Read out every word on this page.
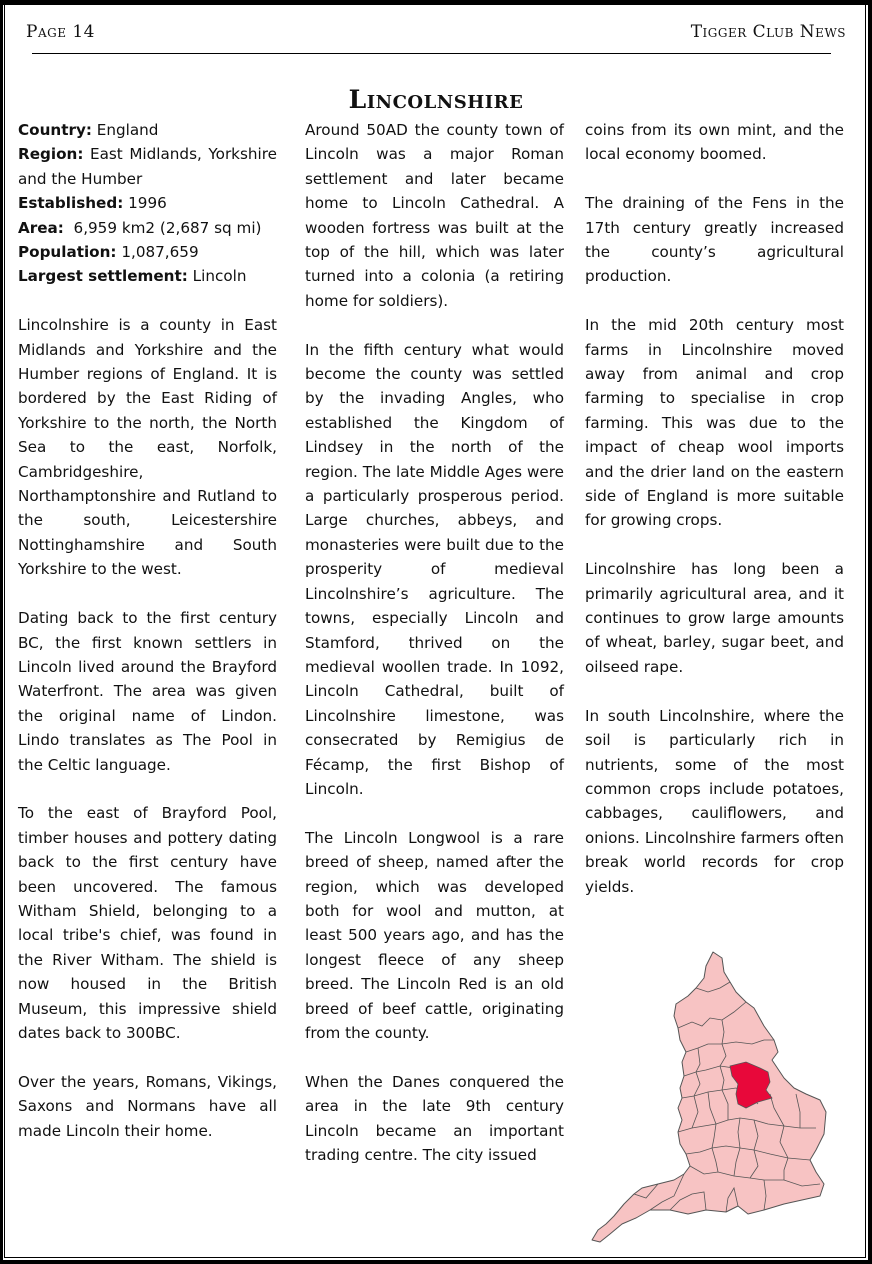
Page 14	Tigger Club News
Lincolnshire
Country: England
Region: East Midlands, Yorkshire and the Humber
Established: 1996
Area:  6,959 km2 (2,687 sq mi)
Population: 1,087,659
Largest settlement: Lincoln

Lincolnshire is a county in East Midlands and Yorkshire and the Humber regions of England. It is bordered by the East Riding of Yorkshire to the north, the North Sea to the east, Norfolk, Cambridgeshire, Northamptonshire and Rutland to the south, Leicestershire Nottinghamshire and South Yorkshire to the west.

Dating back to the first century BC, the first known settlers in Lincoln lived around the Brayford Waterfront. The area was given the original name of Lindon. Lindo translates as The Pool in the Celtic language.

To the east of Brayford Pool, timber houses and pottery dating back to the first century have been uncovered. The famous Witham Shield, belonging to a local tribe's chief, was found in the River Witham. The shield is now housed in the British Museum, this impressive shield dates back to 300BC.

Over the years, Romans, Vikings, Saxons and Normans have all made Lincoln their home.

Around 50AD the county town of Lincoln was a major Roman settlement and later became home to Lincoln Cathedral. A wooden fortress was built at the top of the hill, which was later turned into a colonia (a retiring home for soldiers).

In the fifth century what would become the county was settled by the invading Angles, who established the Kingdom of Lindsey in the north of the region. The late Middle Ages were a particularly prosperous period. Large churches, abbeys, and monasteries were built due to the prosperity of medieval Lincolnshire’s agriculture. The towns, especially Lincoln and Stamford, thrived on the medieval woollen trade. In 1092, Lincoln Cathedral, built of Lincolnshire limestone, was consecrated by Remigius de Fécamp, the first Bishop of Lincoln.

The Lincoln Longwool is a rare breed of sheep, named after the region, which was developed both for wool and mutton, at least 500 years ago, and has the longest fleece of any sheep breed. The Lincoln Red is an old breed of beef cattle, originating from the county.

When the Danes conquered the area in the late 9th century Lincoln became an important trading centre. The city issued

coins from its own mint, and the local economy boomed.

The draining of the Fens in the 17th century greatly increased the county’s agricultural production.

In the mid 20th century most farms in Lincolnshire moved away from animal and crop farming to specialise in crop farming. This was due to the impact of cheap wool imports and the drier land on the eastern side of England is more suitable for growing crops.

Lincolnshire has long been a primarily agricultural area, and it continues to grow large amounts of wheat, barley, sugar beet, and oilseed rape.

In south Lincolnshire, where the soil is particularly rich in nutrients, some of the most common crops include potatoes, cabbages, cauliflowers, and onions. Lincolnshire farmers often break world records for crop yields.
